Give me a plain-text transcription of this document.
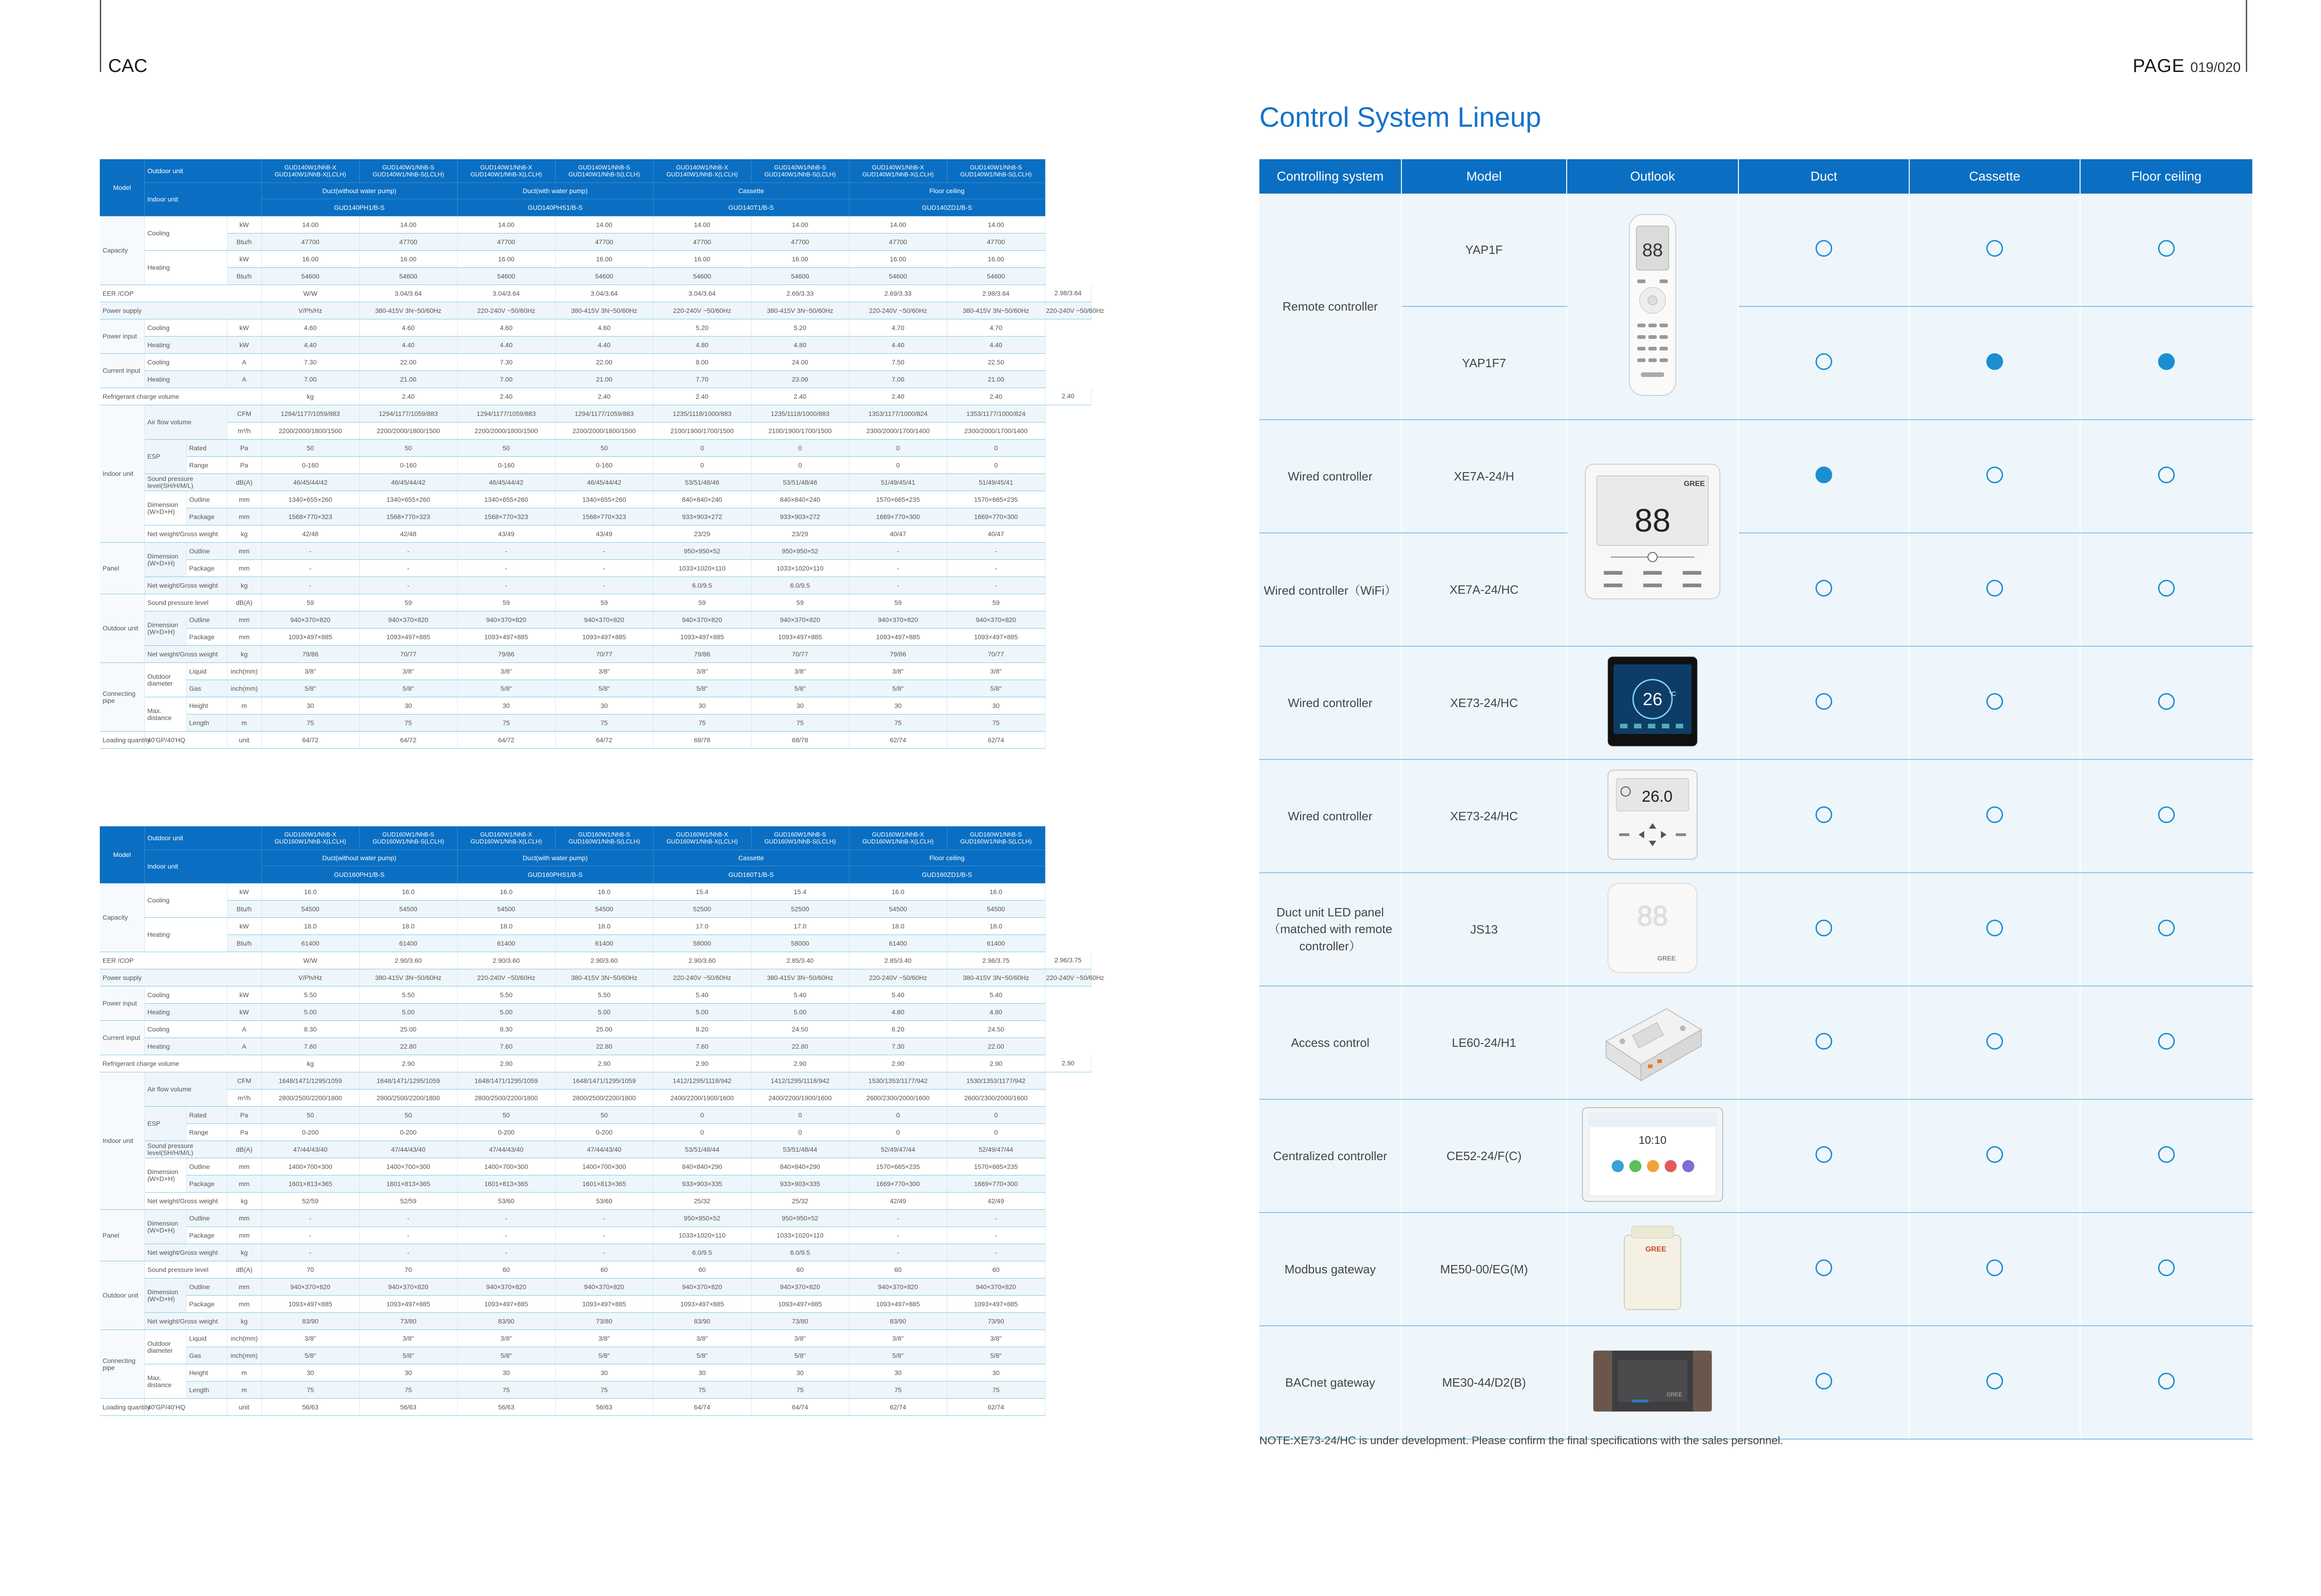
CAC	PAGE 019/020
Model	Outdoor unit			GUD140W1/NhB-X GUD140W1/NhB-X(LCLH)	GUD140W1/NhB-S GUD140W1/NhB-S(LCLH)	GUD140W1/NhB-X GUD140W1/NhB-X(LCLH)	GUD140W1/NhB-S GUD140W1/NhB-S(LCLH)	GUD140W1/NhB-X GUD140W1/NhB-X(LCLH)	GUD140W1/NhB-S GUD140W1/NhB-S(LCLH)	GUD140W1/NhB-X GUD140W1/NhB-X(LCLH)	GUD140W1/NhB-S GUD140W1/NhB-S(LCLH)	
	Indoor unit			Duct(without water pump)		Duct(with water pump)		Cassette		Floor ceiling		
				GUD140PH1/B-S		GUD140PHS1/B-S		GUD140T1/B-S		GUD140ZD1/B-S		
Capacity	Cooling		kW	14.00	14.00	14.00	14.00	14.00	14.00	14.00	14.00	
			Btu/h	47700	47700	47700	47700	47700	47700	47700	47700	
	Heating		kW	16.00	16.00	16.00	16.00	16.00	16.00	16.00	16.00	
			Btu/h	54600	54600	54600	54600	54600	54600	54600	54600	
EER /COP				W/W	3.04/3.64	3.04/3.64	3.04/3.64	3.04/3.64	2.69/3.33	2.69/3.33	2.98/3.64	2.98/3.64
Power supply				V/Ph/Hz	380-415V 3N~50/60Hz	220-240V ~50/60Hz	380-415V 3N~50/60Hz	220-240V ~50/60Hz	380-415V 3N~50/60Hz	220-240V ~50/60Hz	380-415V 3N~50/60Hz	220-240V ~50/60Hz
Power input	Cooling		kW	4.60	4.60	4.60	4.60	5.20	5.20	4.70	4.70	
	Heating		kW	4.40	4.40	4.40	4.40	4.80	4.80	4.40	4.40	
Current input	Cooling		A	7.30	22.00	7.30	22.00	8.00	24.00	7.50	22.50	
	Heating		A	7.00	21.00	7.00	21.00	7.70	23.00	7.00	21.00	
Refrigerant charge volume				kg	2.40	2.40	2.40	2.40	2.40	2.40	2.40	2.40
Indoor unit	Air flow volume		CFM	1294/1177/1059/883	1294/1177/1059/883	1294/1177/1059/883	1294/1177/1059/883	1235/1118/1000/883	1235/1118/1000/883	1353/1177/1000/824	1353/1177/1000/824	
			m³/h	2200/2000/1800/1500	2200/2000/1800/1500	2200/2000/1800/1500	2200/2000/1800/1500	2100/1900/1700/1500	2100/1900/1700/1500	2300/2000/1700/1400	2300/2000/1700/1400	
	ESP	Rated	Pa	50	50	50	50	0	0	0	0	
		Range	Pa	0-160	0-160	0-160	0-160	0	0	0	0	
	Sound pressure level(SH/H/M/L)		dB(A)	46/45/44/42	46/45/44/42	46/45/44/42	46/45/44/42	53/51/48/46	53/51/48/46	51/49/45/41	51/49/45/41	
	Dimension (W×D×H)	Outline	mm	1340×655×260	1340×655×260	1340×655×260	1340×655×260	840×840×240	840×840×240	1570×665×235	1570×665×235	
		Package	mm	1568×770×323	1568×770×323	1568×770×323	1568×770×323	933×903×272	933×903×272	1669×770×300	1669×770×300	
	Net weight/Gross weight		kg	42/48	42/48	43/49	43/49	23/29	23/29	40/47	40/47	
Panel	Dimension (W×D×H)	Outline	mm	-	-	-	-	950×950×52	950×950×52	-	-	
		Package	mm	-	-	-	-	1033×1020×110	1033×1020×110	-	-	
	Net weight/Gross weight		kg	-	-	-	-	6.0/9.5	6.0/9.5	-	-	
Outdoor unit	Sound pressure level		dB(A)	59	59	59	59	59	59	59	59	
	Dimension (W×D×H)	Outline	mm	940×370×820	940×370×820	940×370×820	940×370×820	940×370×820	940×370×820	940×370×820	940×370×820	
		Package	mm	1093×497×885	1093×497×885	1093×497×885	1093×497×885	1093×497×885	1093×497×885	1093×497×885	1093×497×885	
	Net weight/Gross weight		kg	79/86	70/77	79/86	70/77	79/86	70/77	79/86	70/77	
Connecting pipe	Outdoor diameter	Liquid	inch(mm)	3/8"	3/8"	3/8"	3/8"	3/8"	3/8"	3/8"	3/8"	
		Gas	inch(mm)	5/8"	5/8"	5/8"	5/8"	5/8"	5/8"	5/8"	5/8"	
	Max. distance	Height	m	30	30	30	30	30	30	30	30	
		Length	m	75	75	75	75	75	75	75	75	
Loading quantity	40'GP/40'HQ		unit	64/72	64/72	64/72	64/72	68/78	68/78	62/74	62/74	
Model	Outdoor unit			GUD160W1/NhB-X GUD160W1/NhB-X(LCLH)	GUD160W1/NhB-S GUD160W1/NhB-S(LCLH)	GUD160W1/NhB-X GUD160W1/NhB-X(LCLH)	GUD160W1/NhB-S GUD160W1/NhB-S(LCLH)	GUD160W1/NhB-X GUD160W1/NhB-X(LCLH)	GUD160W1/NhB-S GUD160W1/NhB-S(LCLH)	GUD160W1/NhB-X GUD160W1/NhB-X(LCLH)	GUD160W1/NhB-S GUD160W1/NhB-S(LCLH)	
	Indoor unit			Duct(without water pump)		Duct(with water pump)		Cassette		Floor ceiling		
				GUD160PH1/B-S		GUD160PHS1/B-S		GUD160T1/B-S		GUD160ZD1/B-S		
Capacity	Cooling		kW	16.0	16.0	16.0	16.0	15.4	15.4	16.0	16.0	
			Btu/h	54500	54500	54500	54500	52500	52500	54500	54500	
	Heating		kW	18.0	18.0	18.0	18.0	17.0	17.0	18.0	18.0	
			Btu/h	61400	61400	61400	61400	58000	58000	61400	61400	
EER /COP				W/W	2.90/3.60	2.90/3.60	2.90/3.60	2.90/3.60	2.85/3.40	2.85/3.40	2.96/3.75	2.96/3.75
Power supply				V/Ph/Hz	380-415V 3N~50/60Hz	220-240V ~50/60Hz	380-415V 3N~50/60Hz	220-240V ~50/60Hz	380-415V 3N~50/60Hz	220-240V ~50/60Hz	380-415V 3N~50/60Hz	220-240V ~50/60Hz
Power input	Cooling		kW	5.50	5.50	5.50	5.50	5.40	5.40	5.40	5.40	
	Heating		kW	5.00	5.00	5.00	5.00	5.00	5.00	4.80	4.80	
Current input	Cooling		A	8.30	25.00	8.30	25.00	8.20	24.50	8.20	24.50	
	Heating		A	7.60	22.80	7.60	22.80	7.60	22.80	7.30	22.00	
Refrigerant charge volume				kg	2.90	2.90	2.90	2.90	2.90	2.90	2.90	2.90
Indoor unit	Air flow volume		CFM	1648/1471/1295/1059	1648/1471/1295/1059	1648/1471/1295/1059	1648/1471/1295/1059	1412/1295/1118/942	1412/1295/1118/942	1530/1353/1177/942	1530/1353/1177/942	
			m³/h	2800/2500/2200/1800	2800/2500/2200/1800	2800/2500/2200/1800	2800/2500/2200/1800	2400/2200/1900/1600	2400/2200/1900/1600	2600/2300/2000/1600	2600/2300/2000/1600	
	ESP	Rated	Pa	50	50	50	50	0	0	0	0	
		Range	Pa	0-200	0-200	0-200	0-200	0	0	0	0	
	Sound pressure level(SH/H/M/L)		dB(A)	47/44/43/40	47/44/43/40	47/44/43/40	47/44/43/40	53/51/48/44	53/51/48/44	52/49/47/44	52/49/47/44	
	Dimension (W×D×H)	Outline	mm	1400×700×300	1400×700×300	1400×700×300	1400×700×300	840×840×290	840×840×290	1570×665×235	1570×665×235	
		Package	mm	1601×813×365	1601×813×365	1601×813×365	1601×813×365	933×903×335	933×903×335	1669×770×300	1669×770×300	
	Net weight/Gross weight		kg	52/59	52/59	53/60	53/60	25/32	25/32	42/49	42/49	
Panel	Dimension (W×D×H)	Outline	mm	-	-	-	-	950×950×52	950×950×52	-	-	
		Package	mm	-	-	-	-	1033×1020×110	1033×1020×110	-	-	
	Net weight/Gross weight		kg	-	-	-	-	6.0/9.5	6.0/9.5	-	-	
Outdoor unit	Sound pressure level		dB(A)	70	70	60	60	60	60	60	60	
	Dimension (W×D×H)	Outline	mm	940×370×820	940×370×820	940×370×820	940×370×820	940×370×820	940×370×820	940×370×820	940×370×820	
		Package	mm	1093×497×885	1093×497×885	1093×497×885	1093×497×885	1093×497×885	1093×497×885	1093×497×885	1093×497×885	
	Net weight/Gross weight		kg	83/90	73/80	83/90	73/80	83/90	73/80	83/90	73/90	
Connecting pipe	Outdoor diameter	Liquid	inch(mm)	3/8"	3/8"	3/8"	3/8"	3/8"	3/8"	3/8"	3/8"	
		Gas	inch(mm)	5/8"	5/8"	5/8"	5/8"	5/8"	5/8"	5/8"	5/8"	
	Max. distance	Height	m	30	30	30	30	30	30	30	30	
		Length	m	75	75	75	75	75	75	75	75	
Loading quantity	40'GP/40'HQ		unit	56/63	56/63	56/63	56/63	64/74	64/74	62/74	62/74	
Control System Lineup
Controlling system	Model	Outlook	Duct	Cassette	Floor ceiling
Remote controller	YAP1F	88			

	YAP1F7				
Wired controller	XE7A-24/H	GREE
88			

Wired controller（WiFi）	XE7A-24/HC				
Wired controller	XE73-24/HC	26 °C			

Wired controller	XE73-24/HC	26.0			

Duct unit LED panel（matched with remote controller）	JS13	88
GREE			

Access control	LE60-24/H1				
Centralized controller	CE52-24/F(C)	10:10			

Modbus gateway	ME50-00/EG(M)	GREE			

BACnet gateway	ME30-44/D2(B)	GREE			

NOTE:XE73-24/HC is under development. Please confirm the final specifications with the sales personnel.
